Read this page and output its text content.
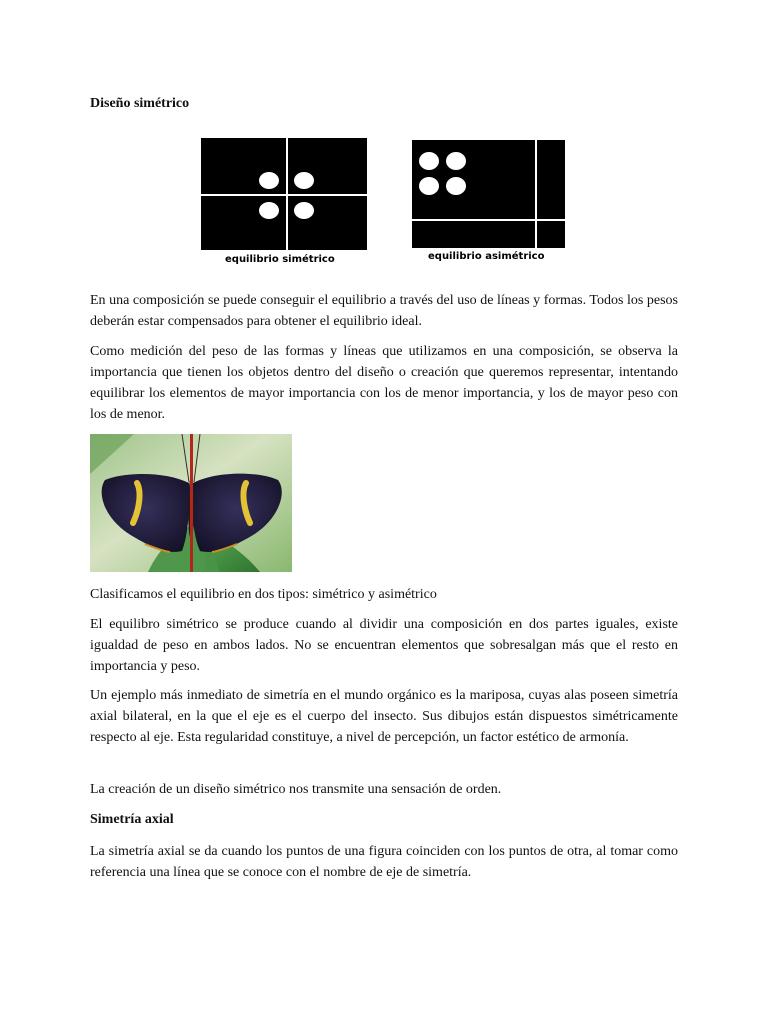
Diseño simétrico
equilibrio simétrico	equilibrio asimétrico

En una composición se puede conseguir el equilibrio a través del uso de líneas y formas. Todos los pesos deberán estar compensados para obtener el equilibrio ideal.

Como medición del peso de las formas y líneas que utilizamos en una composición, se observa la importancia que tienen los objetos dentro del diseño o creación que queremos representar, intentando equilibrar los elementos de mayor importancia con los de menor importancia, y los de mayor peso con los de menor.

Clasificamos el equilibrio en dos tipos: simétrico y asimétrico

El equilibro simétrico se produce cuando al dividir una composición en dos partes iguales, existe igualdad de peso en ambos lados. No se encuentran elementos que sobresalgan más que el resto en importancia y peso.

Un ejemplo más inmediato de simetría en el mundo orgánico es la mariposa, cuyas alas poseen simetría axial bilateral, en la que el eje es el cuerpo del insecto. Sus dibujos están dispuestos simétricamente respecto al eje. Esta regularidad constituye, a nivel de percepción, un factor estético de armonía.

La creación de un diseño simétrico nos transmite una sensación de orden.

Simetría axial

La simetría axial se da cuando los puntos de una figura coinciden con los puntos de otra, al tomar como referencia una línea que se conoce con el nombre de eje de simetría.
